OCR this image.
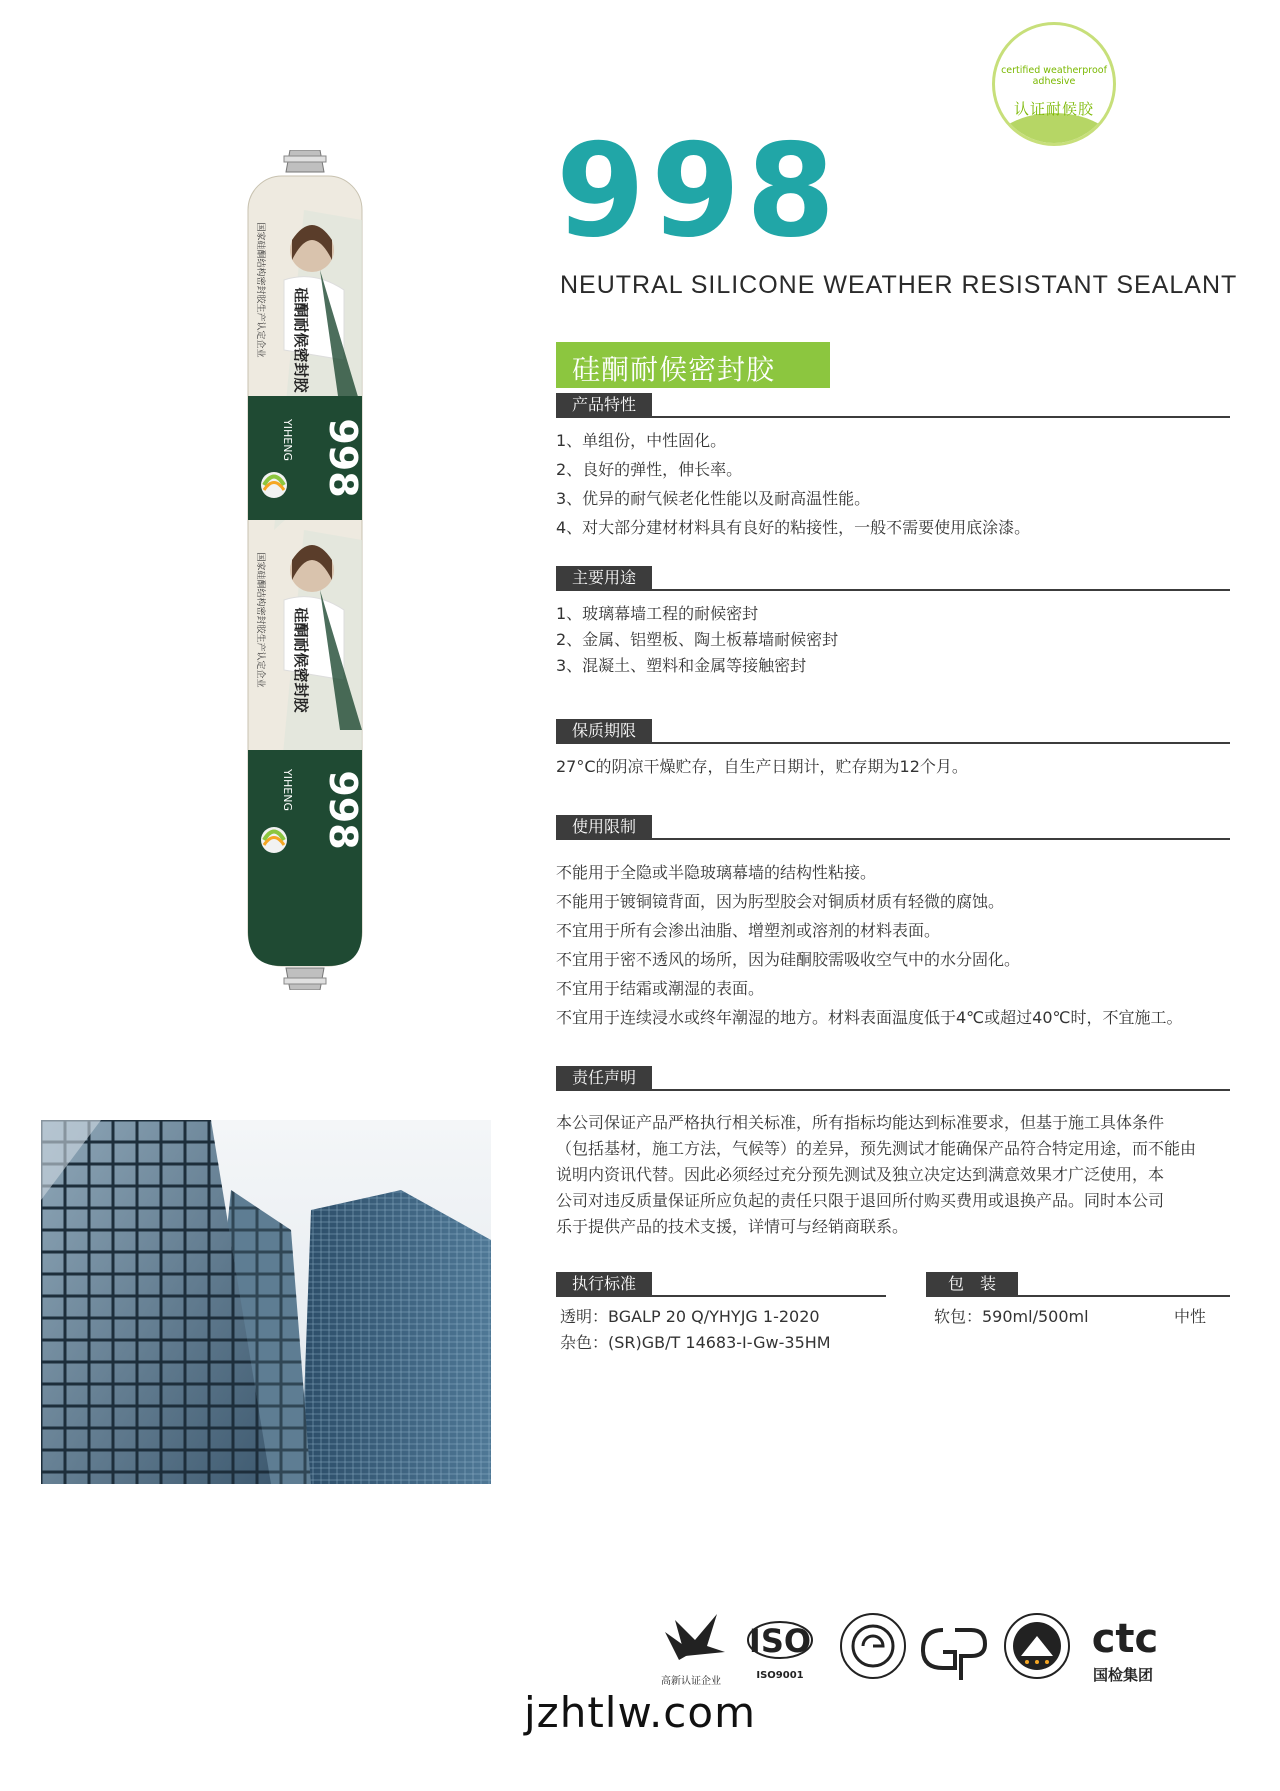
certified weatherproof adhesive
认证耐候胶
998
NEUTRAL SILICONE WEATHER RESISTANT SEALANT
硅酮耐候密封胶
998
YIHENG
998
YIHENG
硅酮耐候密封胶
硅酮耐候密封胶
国家硅酮结构密封胶生产认定企业
国家硅酮结构密封胶生产认定企业
产品特性
1、单组份，中性固化。
2、良好的弹性，伸长率。
3、优异的耐气候老化性能以及耐高温性能。
4、对大部分建材材料具有良好的粘接性，一般不需要使用底涂漆。
主要用途
1、玻璃幕墙工程的耐候密封
2、金属、铝塑板、陶土板幕墙耐候密封
3、混凝土、塑料和金属等接触密封
保质期限
27°C的阴凉干燥贮存，自生产日期计，贮存期为12个月。
使用限制
不能用于全隐或半隐玻璃幕墙的结构性粘接。
不能用于镀铜镜背面，因为肟型胶会对铜质材质有轻微的腐蚀。
不宜用于所有会渗出油脂、增塑剂或溶剂的材料表面。
不宜用于密不透风的场所，因为硅酮胶需吸收空气中的水分固化。
不宜用于结霜或潮湿的表面。
不宜用于连续浸水或终年潮湿的地方。材料表面温度低于4℃或超过40℃时，不宜施工。
责任声明
本公司保证产品严格执行相关标准，所有指标均能达到标准要求，但基于施工具体条件
（包括基材，施工方法，气候等）的差异，预先测试才能确保产品符合特定用途，而不能由
说明内资讯代替。因此必须经过充分预先测试及独立决定达到满意效果才广泛使用，本
公司对违反质量保证所应负起的责任只限于退回所付购买费用或退换产品。同时本公司
乐于提供产品的技术支援，详情可与经销商联系。
执行标准	包　装
透明：BGALP 20 Q/YHYJG 1-2020
杂色：(SR)GB/T 14683-I-Gw-35HM
软包：590ml/500ml	中性
高新认证企业
ISO
ISO9001
ctc
国检集团
jzhtlw.com
